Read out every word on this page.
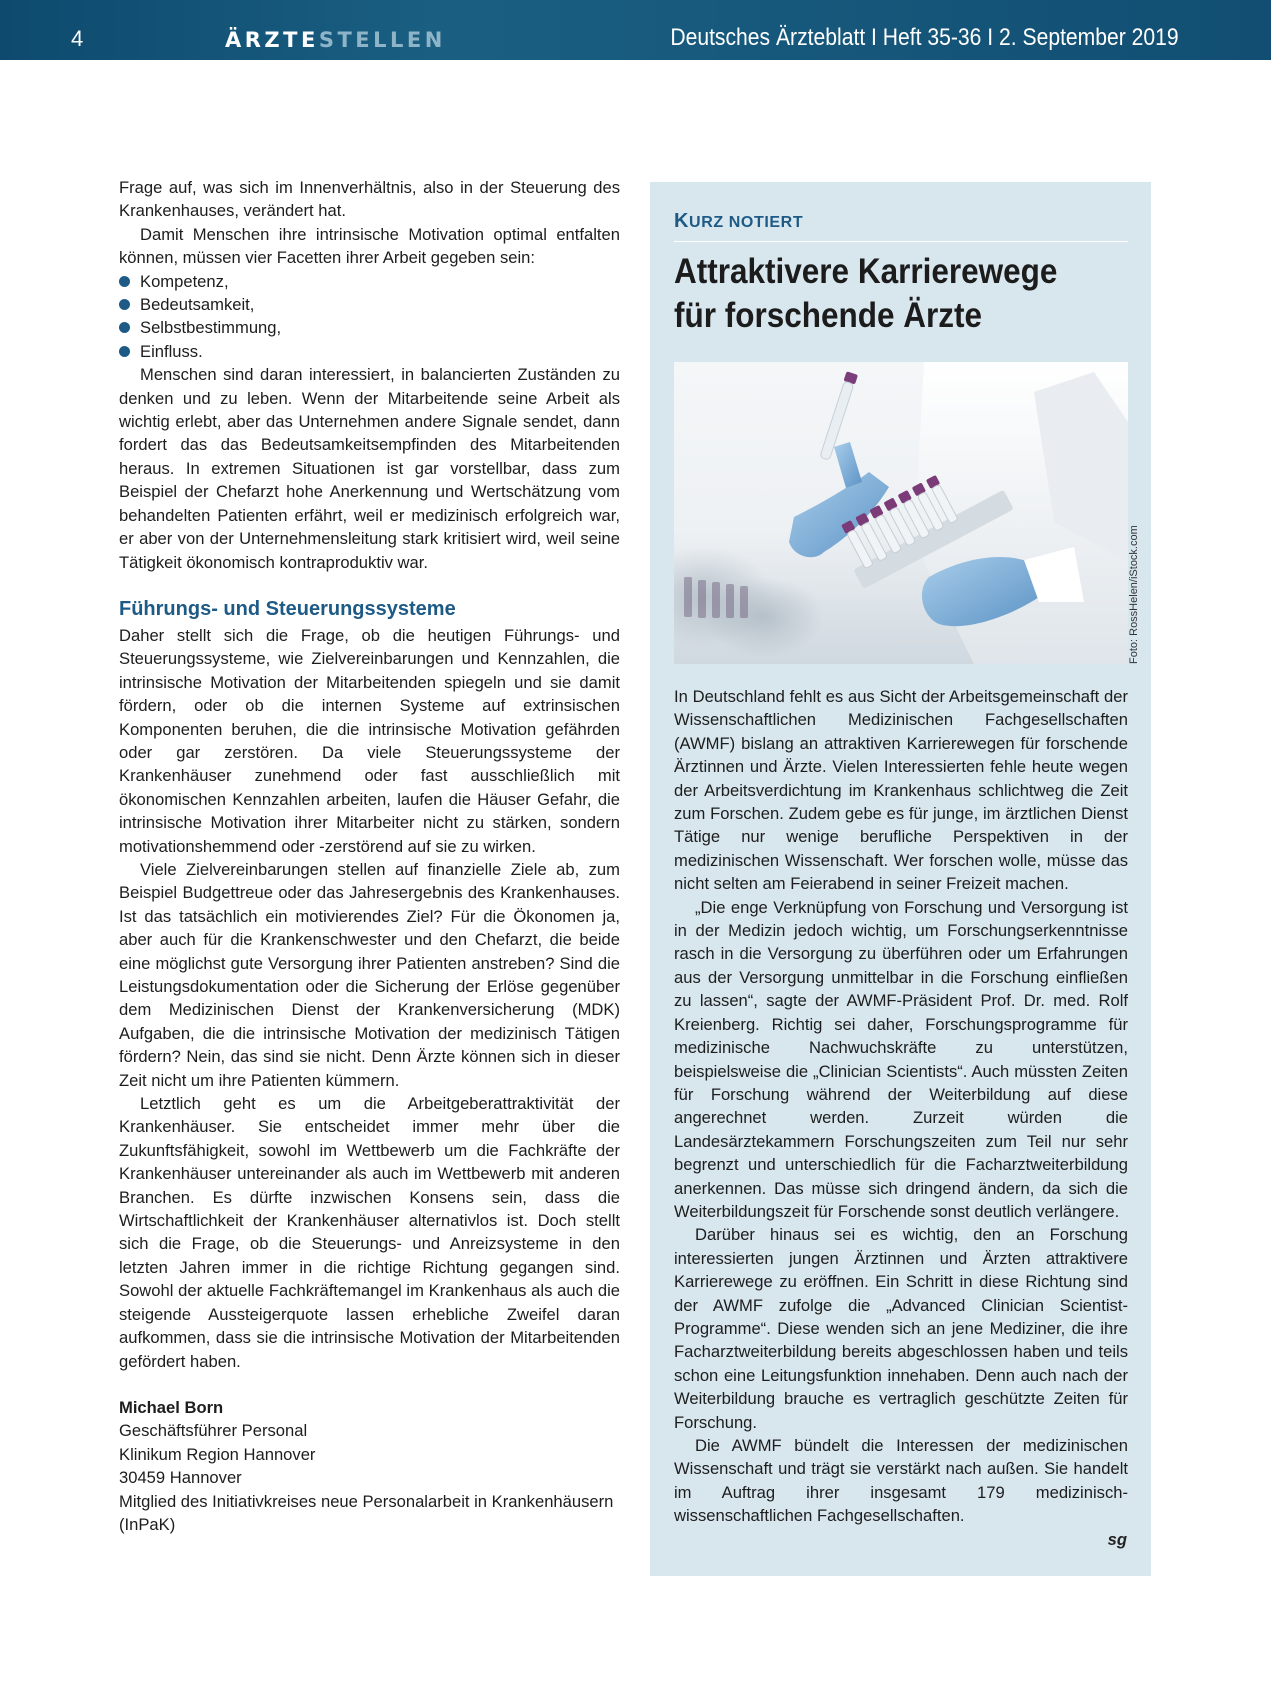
4	ÄRZTESTELLEN	Deutsches Ärzteblatt I Heft 35-36 I 2. September 2019

Frage auf, was sich im Innenverhältnis, also in der Steuerung des Krankenhauses, verändert hat.

Damit Menschen ihre intrinsische Motivation optimal entfalten können, müssen vier Facetten ihrer Arbeit gegeben sein:

Kompetenz,
Bedeutsamkeit,
Selbstbestimmung,
Einfluss.

Menschen sind daran interessiert, in balancierten Zuständen zu denken und zu leben. Wenn der Mitarbeitende seine Arbeit als wichtig erlebt, aber das Unternehmen andere Signale sendet, dann fordert das das Bedeutsamkeitsempfinden des Mitarbeitenden heraus. In extremen Situationen ist gar vorstellbar, dass zum Beispiel der Chefarzt hohe Anerkennung und Wertschätzung vom behandelten Patienten erfährt, weil er medizinisch erfolgreich war, er aber von der Unternehmensleitung stark kritisiert wird, weil seine Tätigkeit ökonomisch kontraproduktiv war.

Führungs- und Steuerungssysteme

Daher stellt sich die Frage, ob die heutigen Führungs- und Steuerungssysteme, wie Zielvereinbarungen und Kennzahlen, die intrinsische Motivation der Mitarbeitenden spiegeln und sie damit fördern, oder ob die internen Systeme auf extrinsischen Komponenten beruhen, die die intrinsische Motivation gefährden oder gar zerstören. Da viele Steuerungssysteme der Krankenhäuser zunehmend oder fast ausschließlich mit ökonomischen Kennzahlen arbeiten, laufen die Häuser Gefahr, die intrinsische Motivation ihrer Mitarbeiter nicht zu stärken, sondern motivationshemmend oder -zerstörend auf sie zu wirken.

Viele Zielvereinbarungen stellen auf finanzielle Ziele ab, zum Beispiel Budgettreue oder das Jahresergebnis des Krankenhauses. Ist das tatsächlich ein motivierendes Ziel? Für die Ökonomen ja, aber auch für die Krankenschwester und den Chefarzt, die beide eine möglichst gute Versorgung ihrer Patienten anstreben? Sind die Leistungsdokumentation oder die Sicherung der Erlöse gegenüber dem Medizinischen Dienst der Krankenversicherung (MDK) Aufgaben, die die intrinsische Motivation der medizinisch Tätigen fördern? Nein, das sind sie nicht. Denn Ärzte können sich in dieser Zeit nicht um ihre Patienten kümmern.

Letztlich geht es um die Arbeitgeberattraktivität der Krankenhäuser. Sie entscheidet immer mehr über die Zukunftsfähigkeit, sowohl im Wettbewerb um die Fachkräfte der Krankenhäuser untereinander als auch im Wettbewerb mit anderen Branchen. Es dürfte inzwischen Konsens sein, dass die Wirtschaftlichkeit der Krankenhäuser alternativlos ist. Doch stellt sich die Frage, ob die Steuerungs- und Anreizsysteme in den letzten Jahren immer in die richtige Richtung gegangen sind. Sowohl der aktuelle Fachkräftemangel im Krankenhaus als auch die steigende Aussteigerquote lassen erhebliche Zweifel daran aufkommen, dass sie die intrinsische Motivation der Mitarbeitenden gefördert haben.

Michael Born
Geschäftsführer Personal
Klinikum Region Hannover
30459 Hannover
Mitglied des Initiativkreises neue Personalarbeit in Krankenhäusern (InPaK)
KURZ NOTIERT
Attraktivere Karrierewege für forschende Ärzte
Foto: RossHelen/iStock.com

In Deutschland fehlt es aus Sicht der Arbeitsgemeinschaft der Wissenschaftlichen Medizinischen Fachgesellschaften (AWMF) bislang an attraktiven Karrierewegen für forschende Ärztinnen und Ärzte. Vielen Interessierten fehle heute wegen der Arbeitsverdichtung im Krankenhaus schlichtweg die Zeit zum Forschen. Zudem gebe es für junge, im ärztlichen Dienst Tätige nur wenige berufliche Perspektiven in der medizinischen Wissenschaft. Wer forschen wolle, müsse das nicht selten am Feierabend in seiner Freizeit machen.

„Die enge Verknüpfung von Forschung und Versorgung ist in der Medizin jedoch wichtig, um Forschungserkenntnisse rasch in die Versorgung zu überführen oder um Erfahrungen aus der Versorgung unmittelbar in die Forschung einfließen zu lassen“, sagte der AWMF-Präsident Prof. Dr. med. Rolf Kreienberg. Richtig sei daher, Forschungsprogramme für medizinische Nachwuchskräfte zu unterstützen, beispielsweise die „Clinician Scientists“. Auch müssten Zeiten für Forschung während der Weiterbildung auf diese angerechnet werden. Zurzeit würden die Landesärztekammern Forschungszeiten zum Teil nur sehr begrenzt und unterschiedlich für die Facharztweiterbildung anerkennen. Das müsse sich dringend ändern, da sich die Weiterbildungszeit für Forschende sonst deutlich verlängere.

Darüber hinaus sei es wichtig, den an Forschung interessierten jungen Ärztinnen und Ärzten attraktivere Karrierewege zu eröffnen. Ein Schritt in diese Richtung sind der AWMF zufolge die „Advanced Clinician Scientist- Programme“. Diese wenden sich an jene Mediziner, die ihre Facharztweiterbildung bereits abgeschlossen haben und teils schon eine Leitungsfunktion innehaben. Denn auch nach der Weiterbildung brauche es vertraglich geschützte Zeiten für Forschung.

Die AWMF bündelt die Interessen der medizinischen Wissenschaft und trägt sie verstärkt nach außen. Sie handelt im Auftrag ihrer insgesamt 179 medizinisch-wissenschaftlichen Fachgesellschaften.

sg
